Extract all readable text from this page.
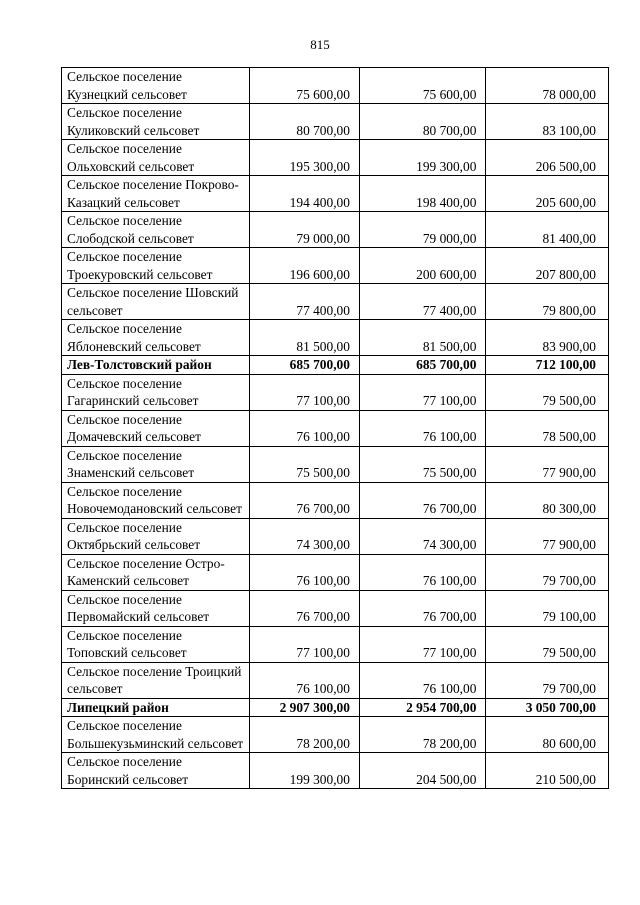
815
Сельское поселение Кузнецкий сельсовет	75 600,00	75 600,00	78 000,00
Сельское поселение Куликовский сельсовет	80 700,00	80 700,00	83 100,00
Сельское поселение Ольховский сельсовет	195 300,00	199 300,00	206 500,00
Сельское поселение Покрово-Казацкий сельсовет	194 400,00	198 400,00	205 600,00
Сельское поселение Слободской сельсовет	79 000,00	79 000,00	81 400,00
Сельское поселение Троекуровский сельсовет	196 600,00	200 600,00	207 800,00
Сельское поселение Шовский сельсовет	77 400,00	77 400,00	79 800,00
Сельское поселение Яблоневский сельсовет	81 500,00	81 500,00	83 900,00
Лев-Толстовский район	685 700,00	685 700,00	712 100,00
Сельское поселение Гагаринский сельсовет	77 100,00	77 100,00	79 500,00
Сельское поселение Домачевский сельсовет	76 100,00	76 100,00	78 500,00
Сельское поселение Знаменский сельсовет	75 500,00	75 500,00	77 900,00
Сельское поселение Новочемодановский сельсовет	76 700,00	76 700,00	80 300,00
Сельское поселение Октябрьский сельсовет	74 300,00	74 300,00	77 900,00
Сельское поселение Остро-Каменский сельсовет	76 100,00	76 100,00	79 700,00
Сельское поселение Первомайский сельсовет	76 700,00	76 700,00	79 100,00
Сельское поселение Топовский сельсовет	77 100,00	77 100,00	79 500,00
Сельское поселение Троицкий сельсовет	76 100,00	76 100,00	79 700,00
Липецкий район	2 907 300,00	2 954 700,00	3 050 700,00
Сельское поселение Большекузьминский сельсовет	78 200,00	78 200,00	80 600,00
Сельское поселение Боринский сельсовет	199 300,00	204 500,00	210 500,00
